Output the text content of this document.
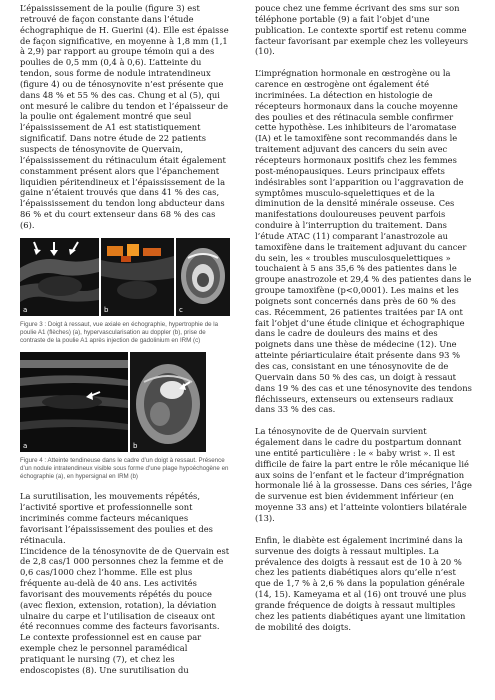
L’épaississement de la poulie (figure 3) est retrouvé de façon constante dans l’étude échographique de H. Guerini (4). Elle est épaisse de façon significative, en moyenne à 1,8 mm (1,1 à 2,9) par rapport au groupe témoin qui a des poulies de 0,5 mm (0,4 à 0,6). L’atteinte du tendon, sous forme de nodule intratendineux (figure 4) ou de ténosynovite n’est présente que dans 48 % et 55 % des cas. Chung et al (5), qui ont mesuré le calibre du tendon et l’épaisseur de la poulie ont également montré que seul l’épaississement de A1 est statistiquement significatif. Dans notre étude de 22 patients suspects de ténosynovite de Quervain, l’épaississement du rétinaculum était également constamment présent alors que l’épanchement liquidien péritendineux et l’épaississement de la gaine n’étaient trouvés que dans 41 % des cas, l’épaississement du tendon long abducteur dans 86 % et du court extenseur dans 68 % des cas (6).

a	b	c

Figure 3 : Doigt à ressaut, vue axiale en échographie, hypertrophie de la poulie A1 (flèches) (a), hypervascularisation au doppler (b), prise de contraste de la poulie A1 après injection de gadolinium en IRM (c)

a	b

Figure 4 : Atteinte tendineuse dans le cadre d’un doigt à ressaut. Présence d’un nodule intratendineux visible sous forme d’une plage hypoéchogène en échographie (a), en hypersignal en IRM (b)

La surutilisation, les mouvements répétés, l’activité sportive et professionnelle sont incriminés comme facteurs mécaniques favorisant l’épaississement des poulies et des rétinacula.

L’incidence de la ténosynovite de de Quervain est de 2,8 cas/1 000 personnes chez la femme et de 0,6 cas/1000 chez l’homme. Elle est plus fréquente au-delà de 40 ans. Les activités favorisant des mouvements répétés du pouce (avec flexion, extension, rotation), la déviation ulnaire du carpe et l’utilisation de ciseaux ont été reconnues comme des facteurs favorisants. Le contexte professionnel est en cause par exemple chez le personnel paramédical pratiquant le nursing (7), et chez les endoscopistes (8). Une surutilisation du

pouce chez une femme écrivant des sms sur son téléphone portable (9) a fait l’objet d’une publication. Le contexte sportif est retenu comme facteur favorisant par exemple chez les volleyeurs (10).

L’imprégnation hormonale en œstrogène ou la carence en œstrogène ont également été incriminées. La détection en histologie de récepteurs hormonaux dans la couche moyenne des poulies et des rétinacula semble confirmer cette hypothèse. Les inhibiteurs de l’aromatase (IA) et le tamoxifène sont recommandés dans le traitement adjuvant des cancers du sein avec récepteurs hormonaux positifs chez les femmes post-ménopausiques. Leurs principaux effets indésirables sont l’apparition ou l’aggravation de symptômes musculo-squelettiques et de la diminution de la densité minérale osseuse. Ces manifestations douloureuses peuvent parfois conduire à l’interruption du traitement. Dans l’étude ATAC (11) comparant l’anastrozole au tamoxifène dans le traitement adjuvant du cancer du sein, les « troubles musculosquelettiques » touchaient à 5 ans 35,6 % des patientes dans le groupe anastrozole et 29,4 % des patientes dans le groupe tamoxifène (p<0,0001). Les mains et les poignets sont concernés dans près de 60 % des cas. Récemment, 26 patientes traitées par IA ont fait l’objet d’une étude clinique et échographique dans le cadre de douleurs des mains et des poignets dans une thèse de médecine (12). Une atteinte périarticulaire était présente dans 93 % des cas, consistant en une ténosynovite de de Quervain dans 50 % des cas, un doigt à ressaut dans 19 % des cas et une ténosynovite des tendons fléchisseurs, extenseurs ou extenseurs radiaux dans 33 % des cas.

La ténosynovite de de Quervain survient également dans le cadre du postpartum donnant une entité particulière : le « baby wrist ». Il est difficile de faire la part entre le rôle mécanique lié aux soins de l’enfant et le facteur d’imprégnation hormonale lié à la grossesse. Dans ces séries, l’âge de survenue est bien évidemment inférieur (en moyenne 33 ans) et l’atteinte volontiers bilatérale (13).

Enfin, le diabète est également incriminé dans la survenue des doigts à ressaut multiples. La prévalence des doigts à ressaut est de 10 à 20 % chez les patients diabétiques alors qu’elle n’est que de 1,7 % à 2,6 % dans la population générale (14, 15). Kameyama et al (16) ont trouvé une plus grande fréquence de doigts à ressaut multiples chez les patients diabétiques ayant une limitation de mobilité des doigts.
